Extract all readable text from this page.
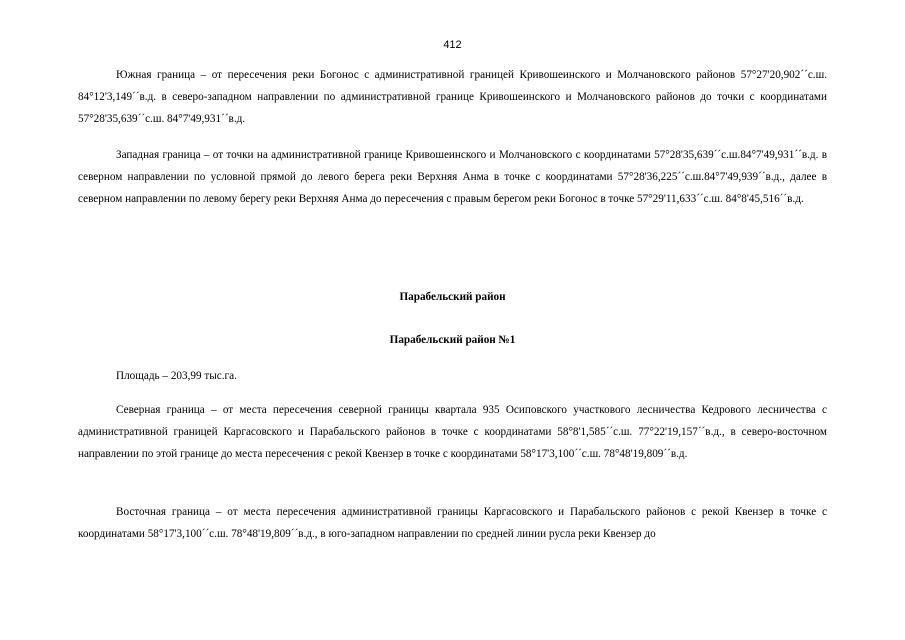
412

Южная граница – от пересечения реки Богонос с административной границей Кривошеинского и Молчановского районов 57°27'20,902´´с.ш. 84°12'3,149´´в.д. в северо-западном направлении по административной границе Кривошеинского и Молчановского районов до точки с координатами 57°28'35,639´´с.ш. 84°7'49,931´´в.д.

Западная граница – от точки на административной границе Кривошеинского и Молчановского с координатами 57°28'35,639´´с.ш.84°7'49,931´´в.д. в северном направлении по условной прямой до левого берега реки Верхняя Анма в точке с координатами 57°28'36,225´´с.ш.84°7'49,939´´в.д., далее в северном направлении по левому берегу реки Верхняя Анма до пересечения с правым берегом реки Богонос в точке 57°29'11,633´´с.ш. 84°8'45,516´´в.д.

Парабельский район

Парабельский район №1

Площадь – 203,99 тыс.га.

Северная граница – от места пересечения северной границы квартала 935 Осиповского участкового лесничества Кедрового лесничества с административной границей Каргасовского и Парабальского районов в точке с координатами 58°8'1,585´´с.ш. 77°22'19,157´´в.д., в северо-восточном направлении по этой границе до места пересечения с рекой Квензер в точке с координатами 58°17'3,100´´с.ш. 78°48'19,809´´в.д.

Восточная граница – от места пересечения административной границы Каргасовского и Парабальского районов с рекой Квензер в точке с координатами 58°17'3,100´´с.ш. 78°48'19,809´´в.д., в юго-западном направлении по средней линии русла реки Квензер до
